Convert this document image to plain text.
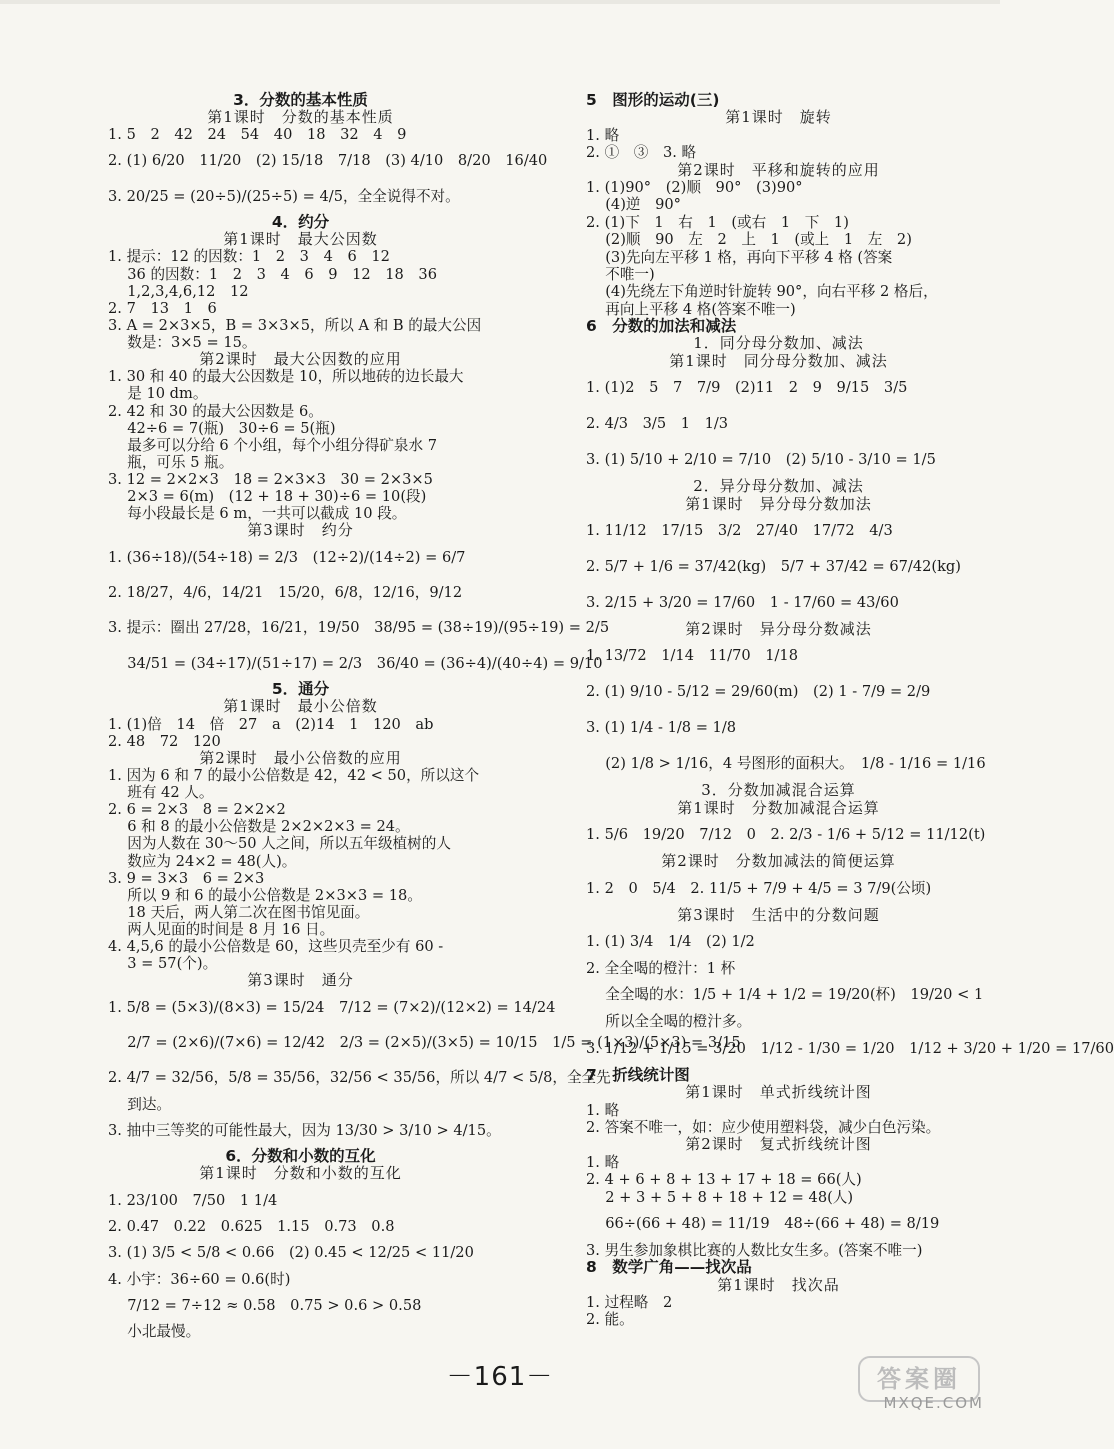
3．分数的基本性质
第1课时　分数的基本性质
1. 5　2　42　24　54　40　18　32　4　9
2. (1) 6/20　11/20　(2) 15/18　7/18　(3) 4/10　8/20　16/40
3. 20/25 = (20÷5)/(25÷5) = 4/5，全全说得不对。
4．约分
第1课时　最大公因数
1. 提示：12 的因数：1　2　3　4　6　12
　 36 的因数：1　2　3　4　6　9　12　18　36
　 1,2,3,4,6,12　12
2. 7　13　1　6
3. A = 2×3×5，B = 3×3×5，所以 A 和 B 的最大公因
　 数是：3×5 = 15。
第2课时　最大公因数的应用
1. 30 和 40 的最大公因数是 10，所以地砖的边长最大
　 是 10 dm。
2. 42 和 30 的最大公因数是 6。
　 42÷6 = 7(瓶)　30÷6 = 5(瓶)
　 最多可以分给 6 个小组，每个小组分得矿泉水 7
　 瓶，可乐 5 瓶。
3. 12 = 2×2×3　18 = 2×3×3　30 = 2×3×5
　 2×3 = 6(m)　(12 + 18 + 30)÷6 = 10(段)
　 每小段最长是 6 m，一共可以截成 10 段。
第3课时　约分
1. (36÷18)/(54÷18) = 2/3　(12÷2)/(14÷2) = 6/7
2. 18/27，4/6，14/21　15/20，6/8，12/16，9/12
3. 提示：圈出 27/28，16/21，19/50　38/95 = (38÷19)/(95÷19) = 2/5
　 34/51 = (34÷17)/(51÷17) = 2/3　36/40 = (36÷4)/(40÷4) = 9/10
5．通分
第1课时　最小公倍数
1. (1)倍　14　倍　27　a　(2)14　1　120　ab
2. 48　72　120
第2课时　最小公倍数的应用
1. 因为 6 和 7 的最小公倍数是 42，42 < 50，所以这个
　 班有 42 人。
2. 6 = 2×3　8 = 2×2×2
　 6 和 8 的最小公倍数是 2×2×2×3 = 24。
　 因为人数在 30～50 人之间，所以五年级植树的人
　 数应为 24×2 = 48(人)。
3. 9 = 3×3　6 = 2×3
　 所以 9 和 6 的最小公倍数是 2×3×3 = 18。
　 18 天后，两人第二次在图书馆见面。
　 两人见面的时间是 8 月 16 日。
4. 4,5,6 的最小公倍数是 60，这些贝壳至少有 60 -
　 3 = 57(个)。
第3课时　通分
1. 5/8 = (5×3)/(8×3) = 15/24　7/12 = (7×2)/(12×2) = 14/24
　 2/7 = (2×6)/(7×6) = 12/42　2/3 = (2×5)/(3×5) = 10/15　1/5 = (1×3)/(5×3) = 3/15
2. 4/7 = 32/56，5/8 = 35/56，32/56 < 35/56，所以 4/7 < 5/8，全全先
　 到达。
3. 抽中三等奖的可能性最大，因为 13/30 > 3/10 > 4/15。
6．分数和小数的互化
第1课时　分数和小数的互化
1. 23/100　7/50　1 1/4
2. 0.47　0.22　0.625　1.15　0.73　0.8
3. (1) 3/5 < 5/8 < 0.66　(2) 0.45 < 12/25 < 11/20
4. 小宇：36÷60 = 0.6(时)
　 7/12 = 7÷12 ≈ 0.58　0.75 > 0.6 > 0.58
　 小北最慢。
5　图形的运动(三)
第1课时　旋转
1. 略
2. ①　③　3. 略
第2课时　平移和旋转的应用
1. (1)90°　(2)顺　90°　(3)90°
　 (4)逆　90°
2. (1)下　1　右　1　(或右　1　下　1)
　 (2)顺　90　左　2　上　1　(或上　1　左　2)
　 (3)先向左平移 1 格，再向下平移 4 格 (答案
　 不唯一)
　 (4)先绕左下角逆时针旋转 90°，向右平移 2 格后，
　 再向上平移 4 格(答案不唯一)
6　分数的加法和减法
1．同分母分数加、减法
第1课时　同分母分数加、减法
1. (1)2　5　7　7/9　(2)11　2　9　9/15　3/5
2. 4/3　3/5　1　1/3
3. (1) 5/10 + 2/10 = 7/10　(2) 5/10 - 3/10 = 1/5
2．异分母分数加、减法
第1课时　异分母分数加法
1. 11/12　17/15　3/2　27/40　17/72　4/3
2. 5/7 + 1/6 = 37/42(kg)　5/7 + 37/42 = 67/42(kg)
3. 2/15 + 3/20 = 17/60　1 - 17/60 = 43/60
第2课时　异分母分数减法
1. 13/72　1/14　11/70　1/18
2. (1) 9/10 - 5/12 = 29/60(m)　(2) 1 - 7/9 = 2/9
3. (1) 1/4 - 1/8 = 1/8
　 (2) 1/8 > 1/16，4 号图形的面积大。　1/8 - 1/16 = 1/16
3．分数加减混合运算
第1课时　分数加减混合运算
1. 5/6　19/20　7/12　0　2. 2/3 - 1/6 + 5/12 = 11/12(t)
第2课时　分数加减法的简便运算
1. 2　0　5/4　2. 11/5 + 7/9 + 4/5 = 3 7/9(公顷)
第3课时　生活中的分数问题
1. (1) 3/4　1/4　(2) 1/2
2. 全全喝的橙汁：1 杯
　 全全喝的水：1/5 + 1/4 + 1/2 = 19/20(杯)　19/20 < 1
　 所以全全喝的橙汁多。
3. 1/12 + 1/15 = 3/20　1/12 - 1/30 = 1/20　1/12 + 3/20 + 1/20 = 17/60
7　折线统计图
第1课时　单式折线统计图
1. 略
2. 答案不唯一，如：应少使用塑料袋，减少白色污染。
第2课时　复式折线统计图
1. 略
2. 4 + 6 + 8 + 13 + 17 + 18 = 66(人)
　 2 + 3 + 5 + 8 + 18 + 12 = 48(人)
　 66÷(66 + 48) = 11/19　48÷(66 + 48) = 8/19
3. 男生参加象棋比赛的人数比女生多。(答案不唯一)
8　数学广角——找次品
第1课时　找次品
1. 过程略　2
2. 能。
－161－	答案圈
MXQE.COM
